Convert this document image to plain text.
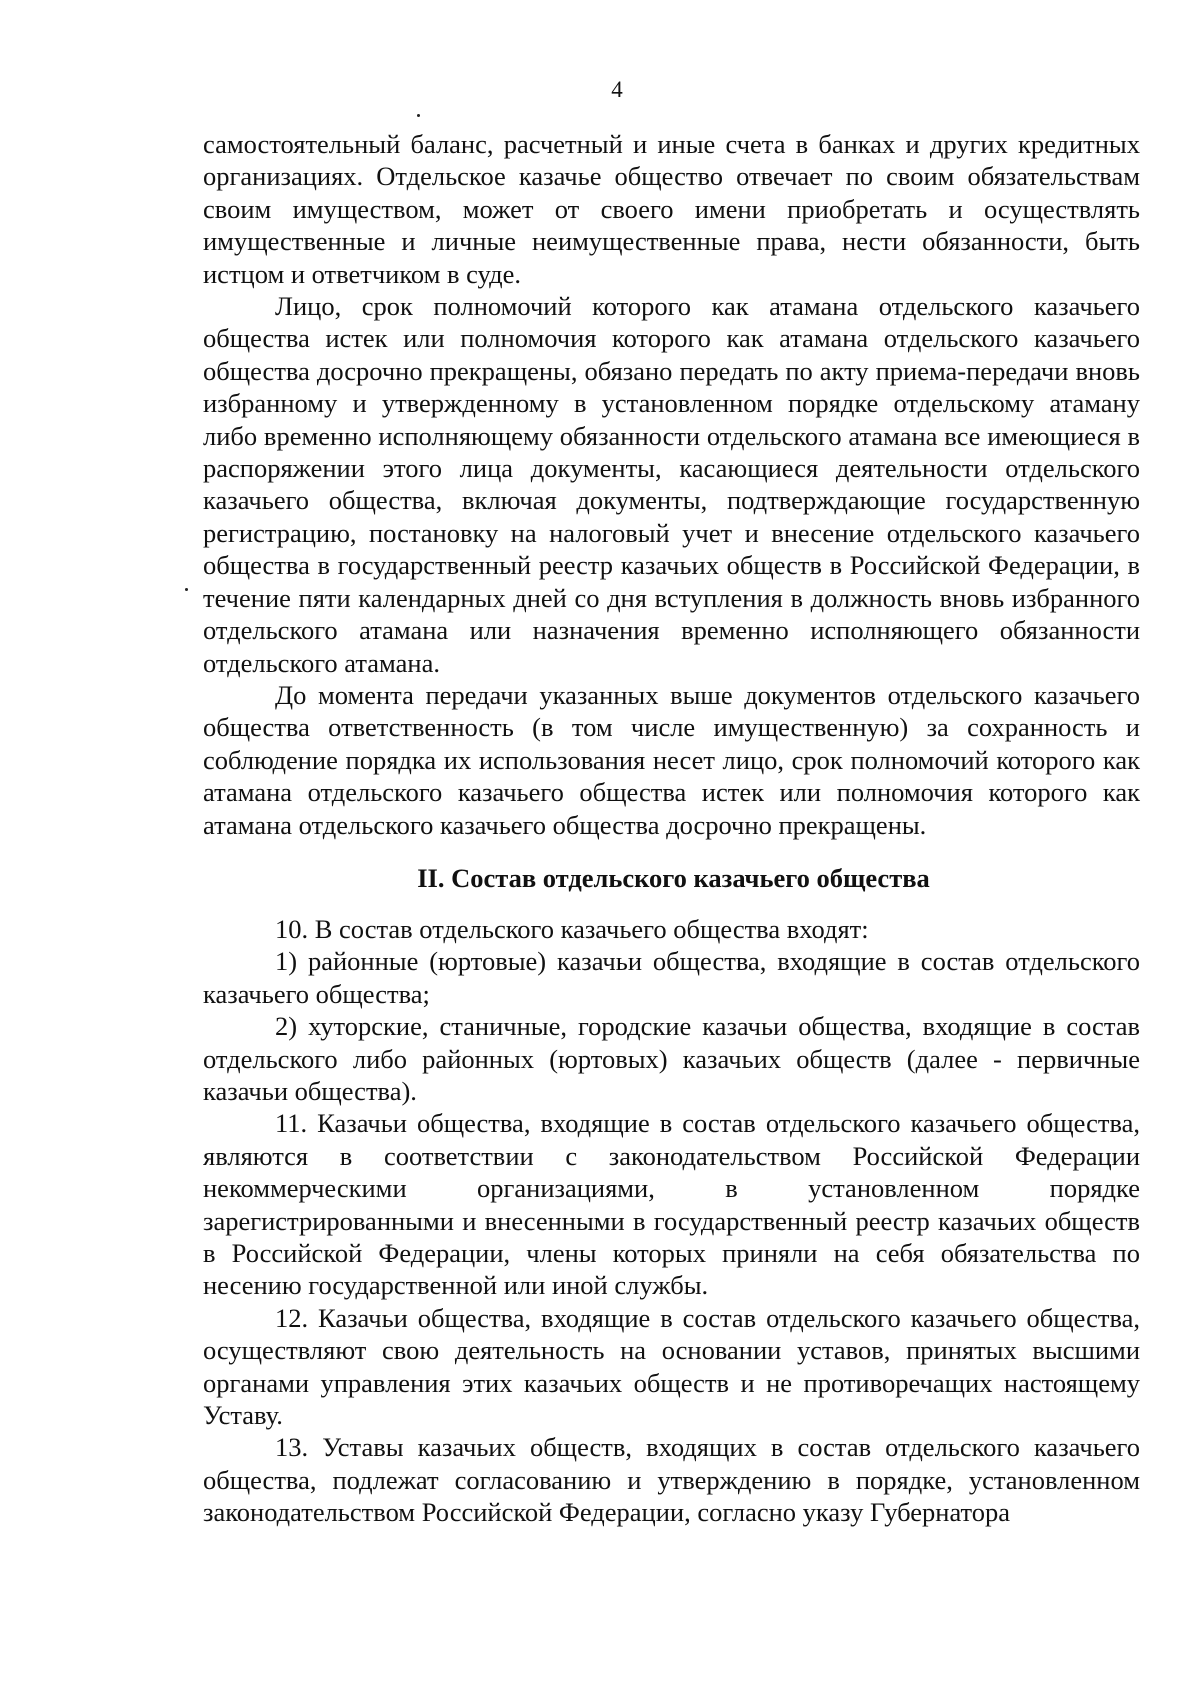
4

самостоятельный баланс, расчетный и иные счета в банках и других кредитных организациях. Отдельское казачье общество отвечает по своим обязательствам своим имуществом, может от своего имени приобретать и осуществлять имущественные и личные неимущественные права, нести обязанности, быть истцом и ответчиком в суде.

Лицо, срок полномочий которого как атамана отдельского казачьего общества истек или полномочия которого как атамана отдельского казачьего общества досрочно прекращены, обязано передать по акту приема-передачи вновь избранному и утвержденному в установленном порядке отдельскому атаману либо временно исполняющему обязанности отдельского атамана все имеющиеся в распоряжении этого лица документы, касающиеся деятельности отдельского казачьего общества, включая документы, подтверждающие государственную регистрацию, постановку на налоговый учет и внесение отдельского казачьего общества в государственный реестр казачьих обществ в Российской Федерации, в течение пяти календарных дней со дня вступления в должность вновь избранного отдельского атамана или назначения временно исполняющего обязанности отдельского атамана.

До момента передачи указанных выше документов отдельского казачьего общества ответственность (в том числе имущественную) за сохранность и соблюдение порядка их использования несет лицо, срок полномочий которого как атамана отдельского казачьего общества истек или полномочия которого как атамана отдельского казачьего общества досрочно прекращены.

II. Состав отдельского казачьего общества

10. В состав отдельского казачьего общества входят:

1) районные (юртовые) казачьи общества, входящие в состав отдельского казачьего общества;

2) хуторские, станичные, городские казачьи общества, входящие в состав отдельского либо районных (юртовых) казачьих обществ (далее - первичные казачьи общества).

11. Казачьи общества, входящие в состав отдельского казачьего общества, являются в соответствии с законодательством Российской Федерации некоммерческими организациями, в установленном порядке зарегистрированными и внесенными в государственный реестр казачьих обществ в Российской Федерации, члены которых приняли на себя обязательства по несению государственной или иной службы.

12. Казачьи общества, входящие в состав отдельского казачьего общества, осуществляют свою деятельность на основании уставов, принятых высшими органами управления этих казачьих обществ и не противоречащих настоящему Уставу.

13. Уставы казачьих обществ, входящих в состав отдельского казачьего общества, подлежат согласованию и утверждению в порядке, установленном законодательством Российской Федерации, согласно указу Губернатора
